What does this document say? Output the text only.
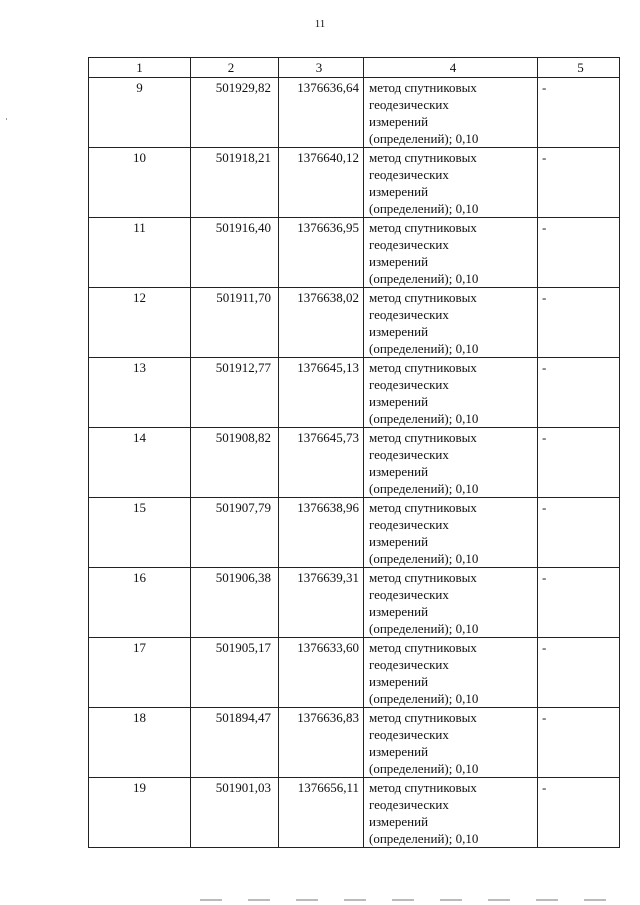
11
1	2	3	4	5

9	501929,82	1376636,64	метод спутниковых
геодезических
измерений
(определений); 0,10	-

10	501918,21	1376640,12	метод спутниковых
геодезических
измерений
(определений); 0,10	-

11	501916,40	1376636,95	метод спутниковых
геодезических
измерений
(определений); 0,10	-

12	501911,70	1376638,02	метод спутниковых
геодезических
измерений
(определений); 0,10	-

13	501912,77	1376645,13	метод спутниковых
геодезических
измерений
(определений); 0,10	-

14	501908,82	1376645,73	метод спутниковых
геодезических
измерений
(определений); 0,10	-

15	501907,79	1376638,96	метод спутниковых
геодезических
измерений
(определений); 0,10	-

16	501906,38	1376639,31	метод спутниковых
геодезических
измерений
(определений); 0,10	-

17	501905,17	1376633,60	метод спутниковых
геодезических
измерений
(определений); 0,10	-

18	501894,47	1376636,83	метод спутниковых
геодезических
измерений
(определений); 0,10	-

19	501901,03	1376656,11	метод спутниковых
геодезических
измерений
(определений); 0,10	-
